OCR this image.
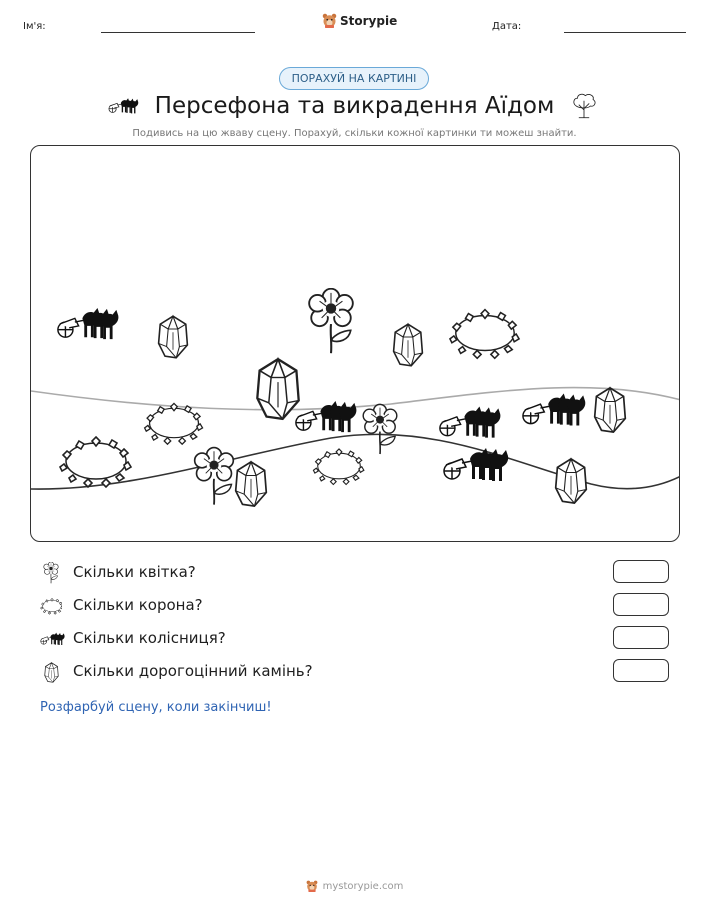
Ім'я:	Storypie	Дата:
ПОРАХУЙ НА КАРТИНІ
Персефона та викрадення Аїдом
Подивись на цю жваву сцену. Порахуй, скільки кожної картинки ти можеш знайти.
Скільки квітка?
Скільки корона?
Скільки колісниця?
Скільки дорогоцінний камінь?
Розфарбуй сцену, коли закінчиш!
mystorypie.com
